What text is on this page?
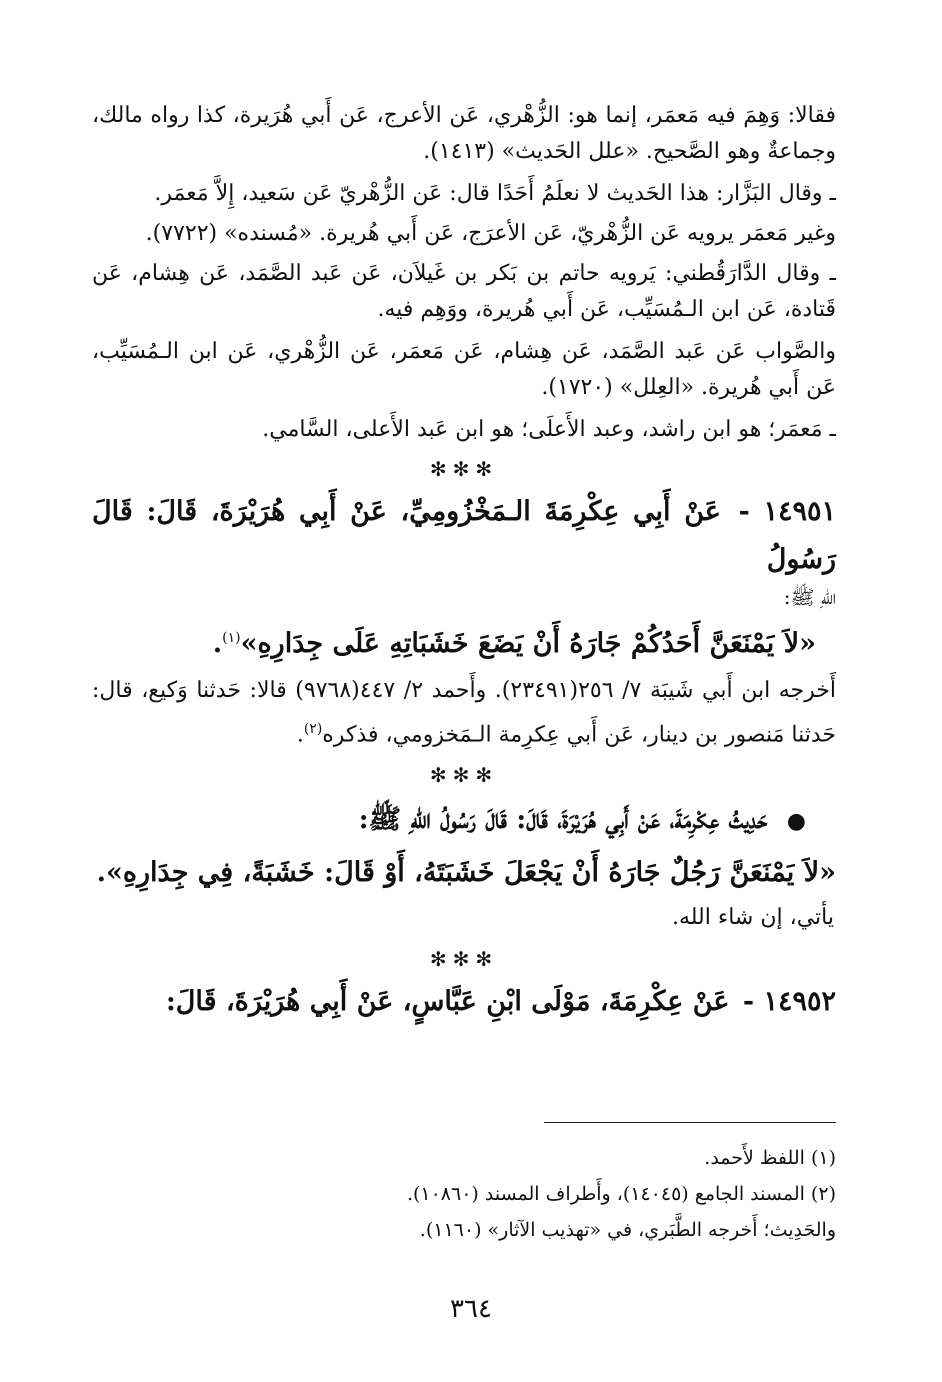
فقالا: وَهِمَ فيه مَعمَر، إنما هو: الزُّهْري، عَن الأعرج، عَن أَبي هُرَيرة، كذا رواه مالك، وجماعةٌ وهو الصَّحيح. «علل الحَديث» (١٤١٣).
ـ وقال البَزَّار: هذا الحَديث لا نعلَمُ أَحَدًا قال: عَن الزُّهْريّ عَن سَعيد، إِلاَّ مَعمَر.
وغير مَعمَر يرويه عَن الزُّهْريّ، عَن الأعرَج، عَن أَبي هُريرة. «مُسنده» (٧٧٢٢).
ـ وقال الدَّارَقُطني: يَرويه حاتم بن بَكر بن غَيلاَن، عَن عَبد الصَّمَد، عَن هِشام، عَن قَتادة، عَن ابن الـمُسَيِّب، عَن أَبي هُريرة، ووَهِم فيه.
والصَّواب عَن عَبد الصَّمَد، عَن هِشام، عَن مَعمَر، عَن الزُّهْري، عَن ابن الـمُسَيِّب، عَن أَبي هُريرة. «العِلل» (١٧٢٠).
ـ مَعمَر؛ هو ابن راشد، وعبد الأَعلَى؛ هو ابن عَبد الأَعلى، السَّامي.
✻✻✻
١٤٩٥١ - عَنْ أَبِي عِكْرِمَةَ الـمَخْزُومِيِّ، عَنْ أَبِي هُرَيْرَةَ، قَالَ: قَالَ رَسُولُ
اللهِ ﷺ:
«لاَ يَمْنَعَنَّ أَحَدُكُمْ جَارَهُ أَنْ يَضَعَ خَشَبَاتِهِ عَلَى جِدَارِهِ»$^{(١)}$.
أَخرجه ابن أَبي شَيبَة ٧/ ٢٥٦(٢٣٤٩١). وأَحمد ٢/ ٤٤٧(٩٧٦٨) قالا: حَدثنا وَكيع، قال: حَدثنا مَنصور بن دينار، عَن أَبي عِكرِمة الـمَخزومي، فذكره$^{(٢)}$.
✻✻✻
● حَدِيثُ عِكْرِمَةَ، عَنْ أَبِي هُرَيْرَةَ، قَالَ: قَالَ رَسُولُ اللهِ ﷺ:
«لاَ يَمْنَعَنَّ رَجُلٌ جَارَهُ أَنْ يَجْعَلَ خَشَبَتَهُ، أَوْ قَالَ: خَشَبَةً، فِي جِدَارِهِ».
يأتي، إن شاء الله.
✻✻✻
١٤٩٥٢ - عَنْ عِكْرِمَةَ، مَوْلَى ابْنِ عَبَّاسٍ، عَنْ أَبِي هُرَيْرَةَ، قَالَ:
(١) اللفظ لأَحمد.
(٢) المسند الجامع (١٤٠٤٥)، وأَطراف المسند (١٠٨٦٠).
والحَدِيث؛ أَخرجه الطَّبَري، في «تهذيب الآثار» (١١٦٠).
٣٦٤
